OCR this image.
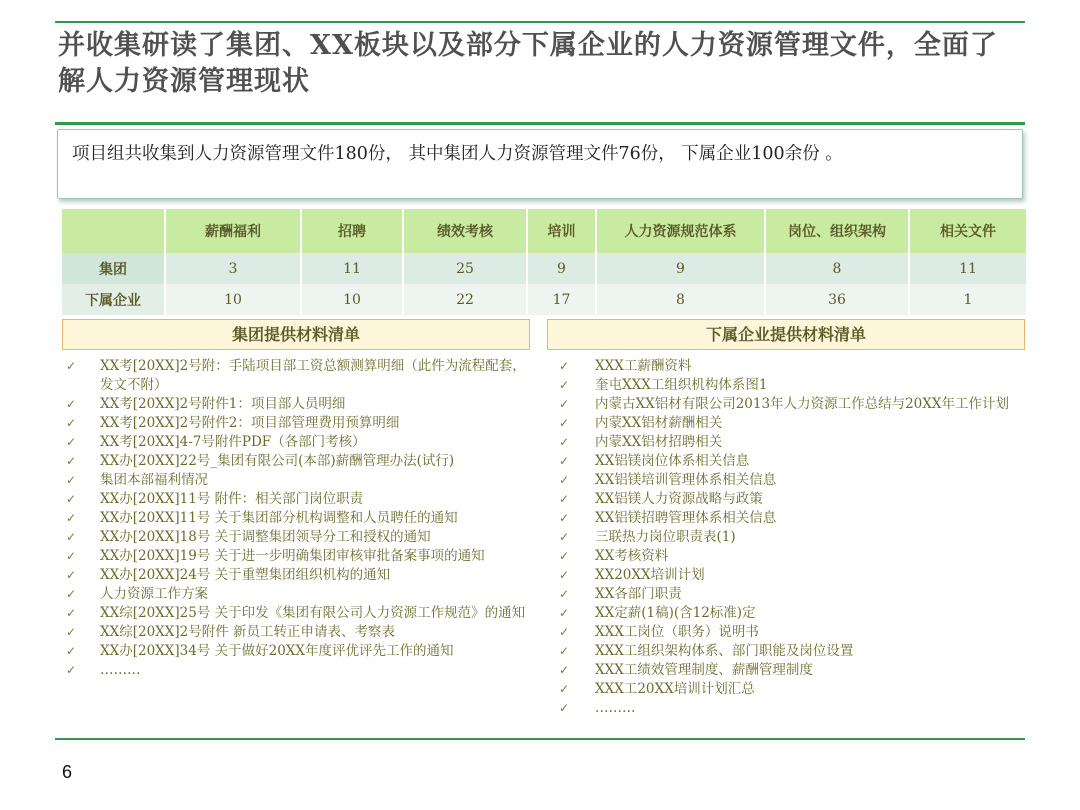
并收集研读了集团、XX板块以及部分下属企业的人力资源管理文件，全面了解人力资源管理现状
项目组共收集到人力资源管理文件180份， 其中集团人力资源管理文件76份， 下属企业100余份 。
	薪酬福利	招聘	绩效考核	培训	人力资源规范体系	岗位、组织架构	相关文件
集团	3	11	25	9	9	8	11
下属企业	10	10	22	17	8	36	1
集团提供材料清单	下属企业提供材料清单
✓ XX考[20XX]2号附：手陆项目部工资总额测算明细（此件为流程配套，发文不附）
✓ XX考[20XX]2号附件1：项目部人员明细
✓ XX考[20XX]2号附件2：项目部管理费用预算明细
✓ XX考[20XX]4-7号附件PDF（各部门考核）
✓ XX办[20XX]22号_集团有限公司(本部)薪酬管理办法(试行)
✓ 集团本部福利情况
✓ XX办[20XX]11号 附件：相关部门岗位职责
✓ XX办[20XX]11号 关于集团部分机构调整和人员聘任的通知
✓ XX办[20XX]18号 关于调整集团领导分工和授权的通知
✓ XX办[20XX]19号 关于进一步明确集团审核审批备案事项的通知
✓ XX办[20XX]24号 关于重塑集团组织机构的通知
✓ 人力资源工作方案
✓ XX综[20XX]25号 关于印发《集团有限公司人力资源工作规范》的通知
✓ XX综[20XX]2号附件 新员工转正申请表、考察表
✓ XX办[20XX]34号 关于做好20XX年度评优评先工作的通知
✓ ………
✓ XXX工薪酬资料
✓ 奎屯XXX工组织机构体系图1
✓ 内蒙古XX铝材有限公司2013年人力资源工作总结与20XX年工作计划
✓ 内蒙XX铝材薪酬相关
✓ 内蒙XX铝材招聘相关
✓ XX铝镁岗位体系相关信息
✓ XX铝镁培训管理体系相关信息
✓ XX铝镁人力资源战略与政策
✓ XX铝镁招聘管理体系相关信息
✓ 三联热力岗位职责表(1)
✓ XX考核资料
✓ XX20XX培训计划
✓ XX各部门职责
✓ XX定薪(1稿)(含12标准)定
✓ XXX工岗位（职务）说明书
✓ XXX工组织架构体系、部门职能及岗位设置
✓ XXX工绩效管理制度、薪酬管理制度
✓ XXX工20XX培训计划汇总
✓ ………
6
